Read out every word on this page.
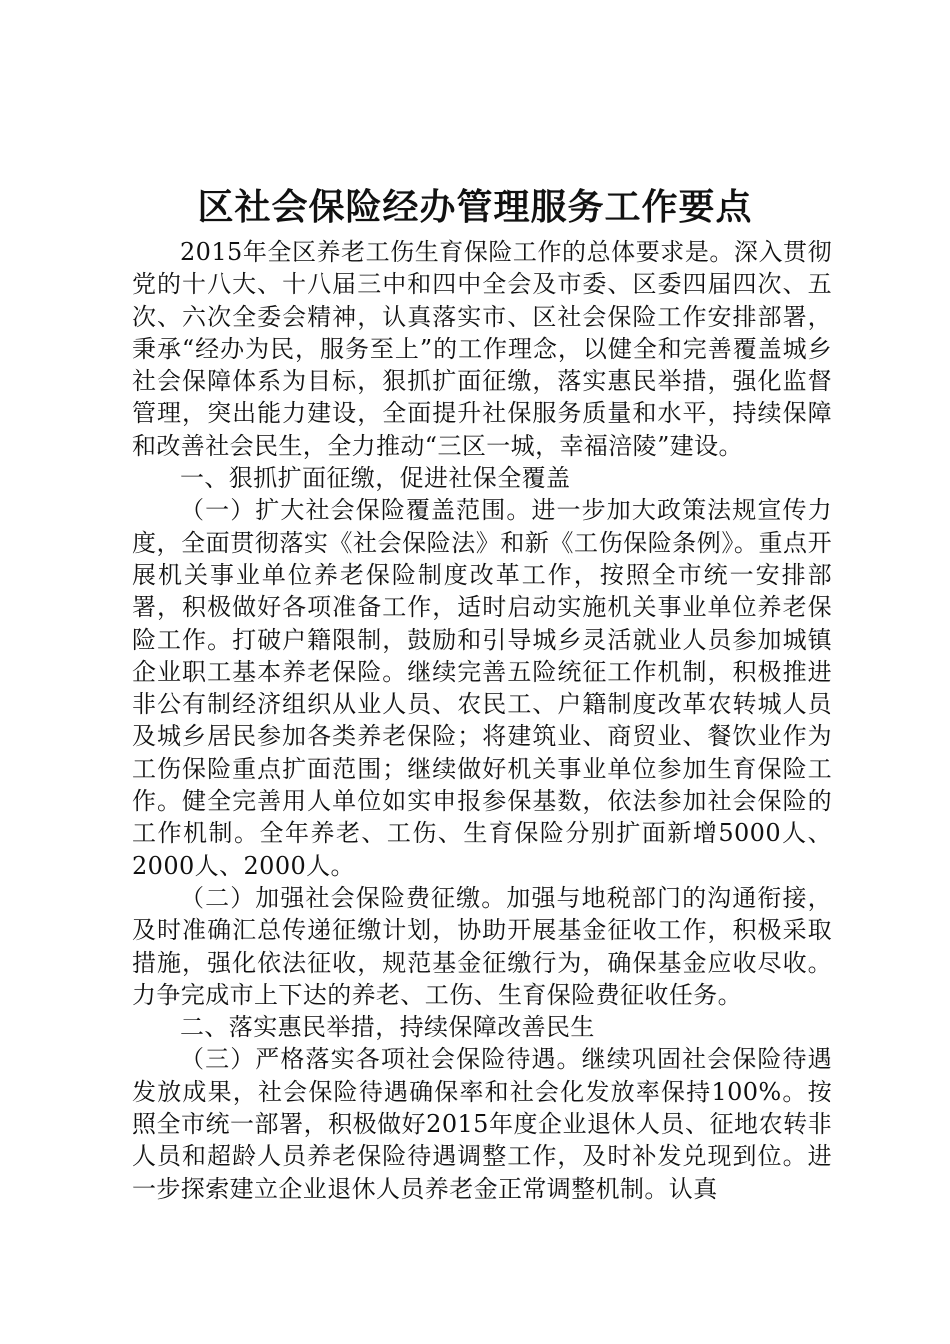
区社会保险经办管理服务工作要点

2015年全区养老工伤生育保险工作的总体要求是。深入贯彻党的十八大、十八届三中和四中全会及市委、区委四届四次、五次、六次全委会精神，认真落实市、区社会保险工作安排部署，秉承“经办为民，服务至上”的工作理念，以健全和完善覆盖城乡社会保障体系为目标，狠抓扩面征缴，落实惠民举措，强化监督管理，突出能力建设，全面提升社保服务质量和水平，持续保障和改善社会民生，全力推动“三区一城，幸福涪陵”建设。

一、狠抓扩面征缴，促进社保全覆盖

（一）扩大社会保险覆盖范围。进一步加大政策法规宣传力度，全面贯彻落实《社会保险法》和新《工伤保险条例》。重点开展机关事业单位养老保险制度改革工作，按照全市统一安排部署，积极做好各项准备工作，适时启动实施机关事业单位养老保险工作。打破户籍限制，鼓励和引导城乡灵活就业人员参加城镇企业职工基本养老保险。继续完善五险统征工作机制，积极推进非公有制经济组织从业人员、农民工、户籍制度改革农转城人员及城乡居民参加各类养老保险；将建筑业、商贸业、餐饮业作为工伤保险重点扩面范围；继续做好机关事业单位参加生育保险工作。健全完善用人单位如实申报参保基数，依法参加社会保险的工作机制。全年养老、工伤、生育保险分别扩面新增5000人、2000人、2000人。

（二）加强社会保险费征缴。加强与地税部门的沟通衔接，及时准确汇总传递征缴计划，协助开展基金征收工作，积极采取措施，强化依法征收，规范基金征缴行为，确保基金应收尽收。力争完成市上下达的养老、工伤、生育保险费征收任务。

二、落实惠民举措，持续保障改善民生

（三）严格落实各项社会保险待遇。继续巩固社会保险待遇发放成果，社会保险待遇确保率和社会化发放率保持100%。按照全市统一部署，积极做好2015年度企业退休人员、征地农转非人员和超龄人员养老保险待遇调整工作，及时补发兑现到位。进一步探索建立企业退休人员养老金正常调整机制。认真
